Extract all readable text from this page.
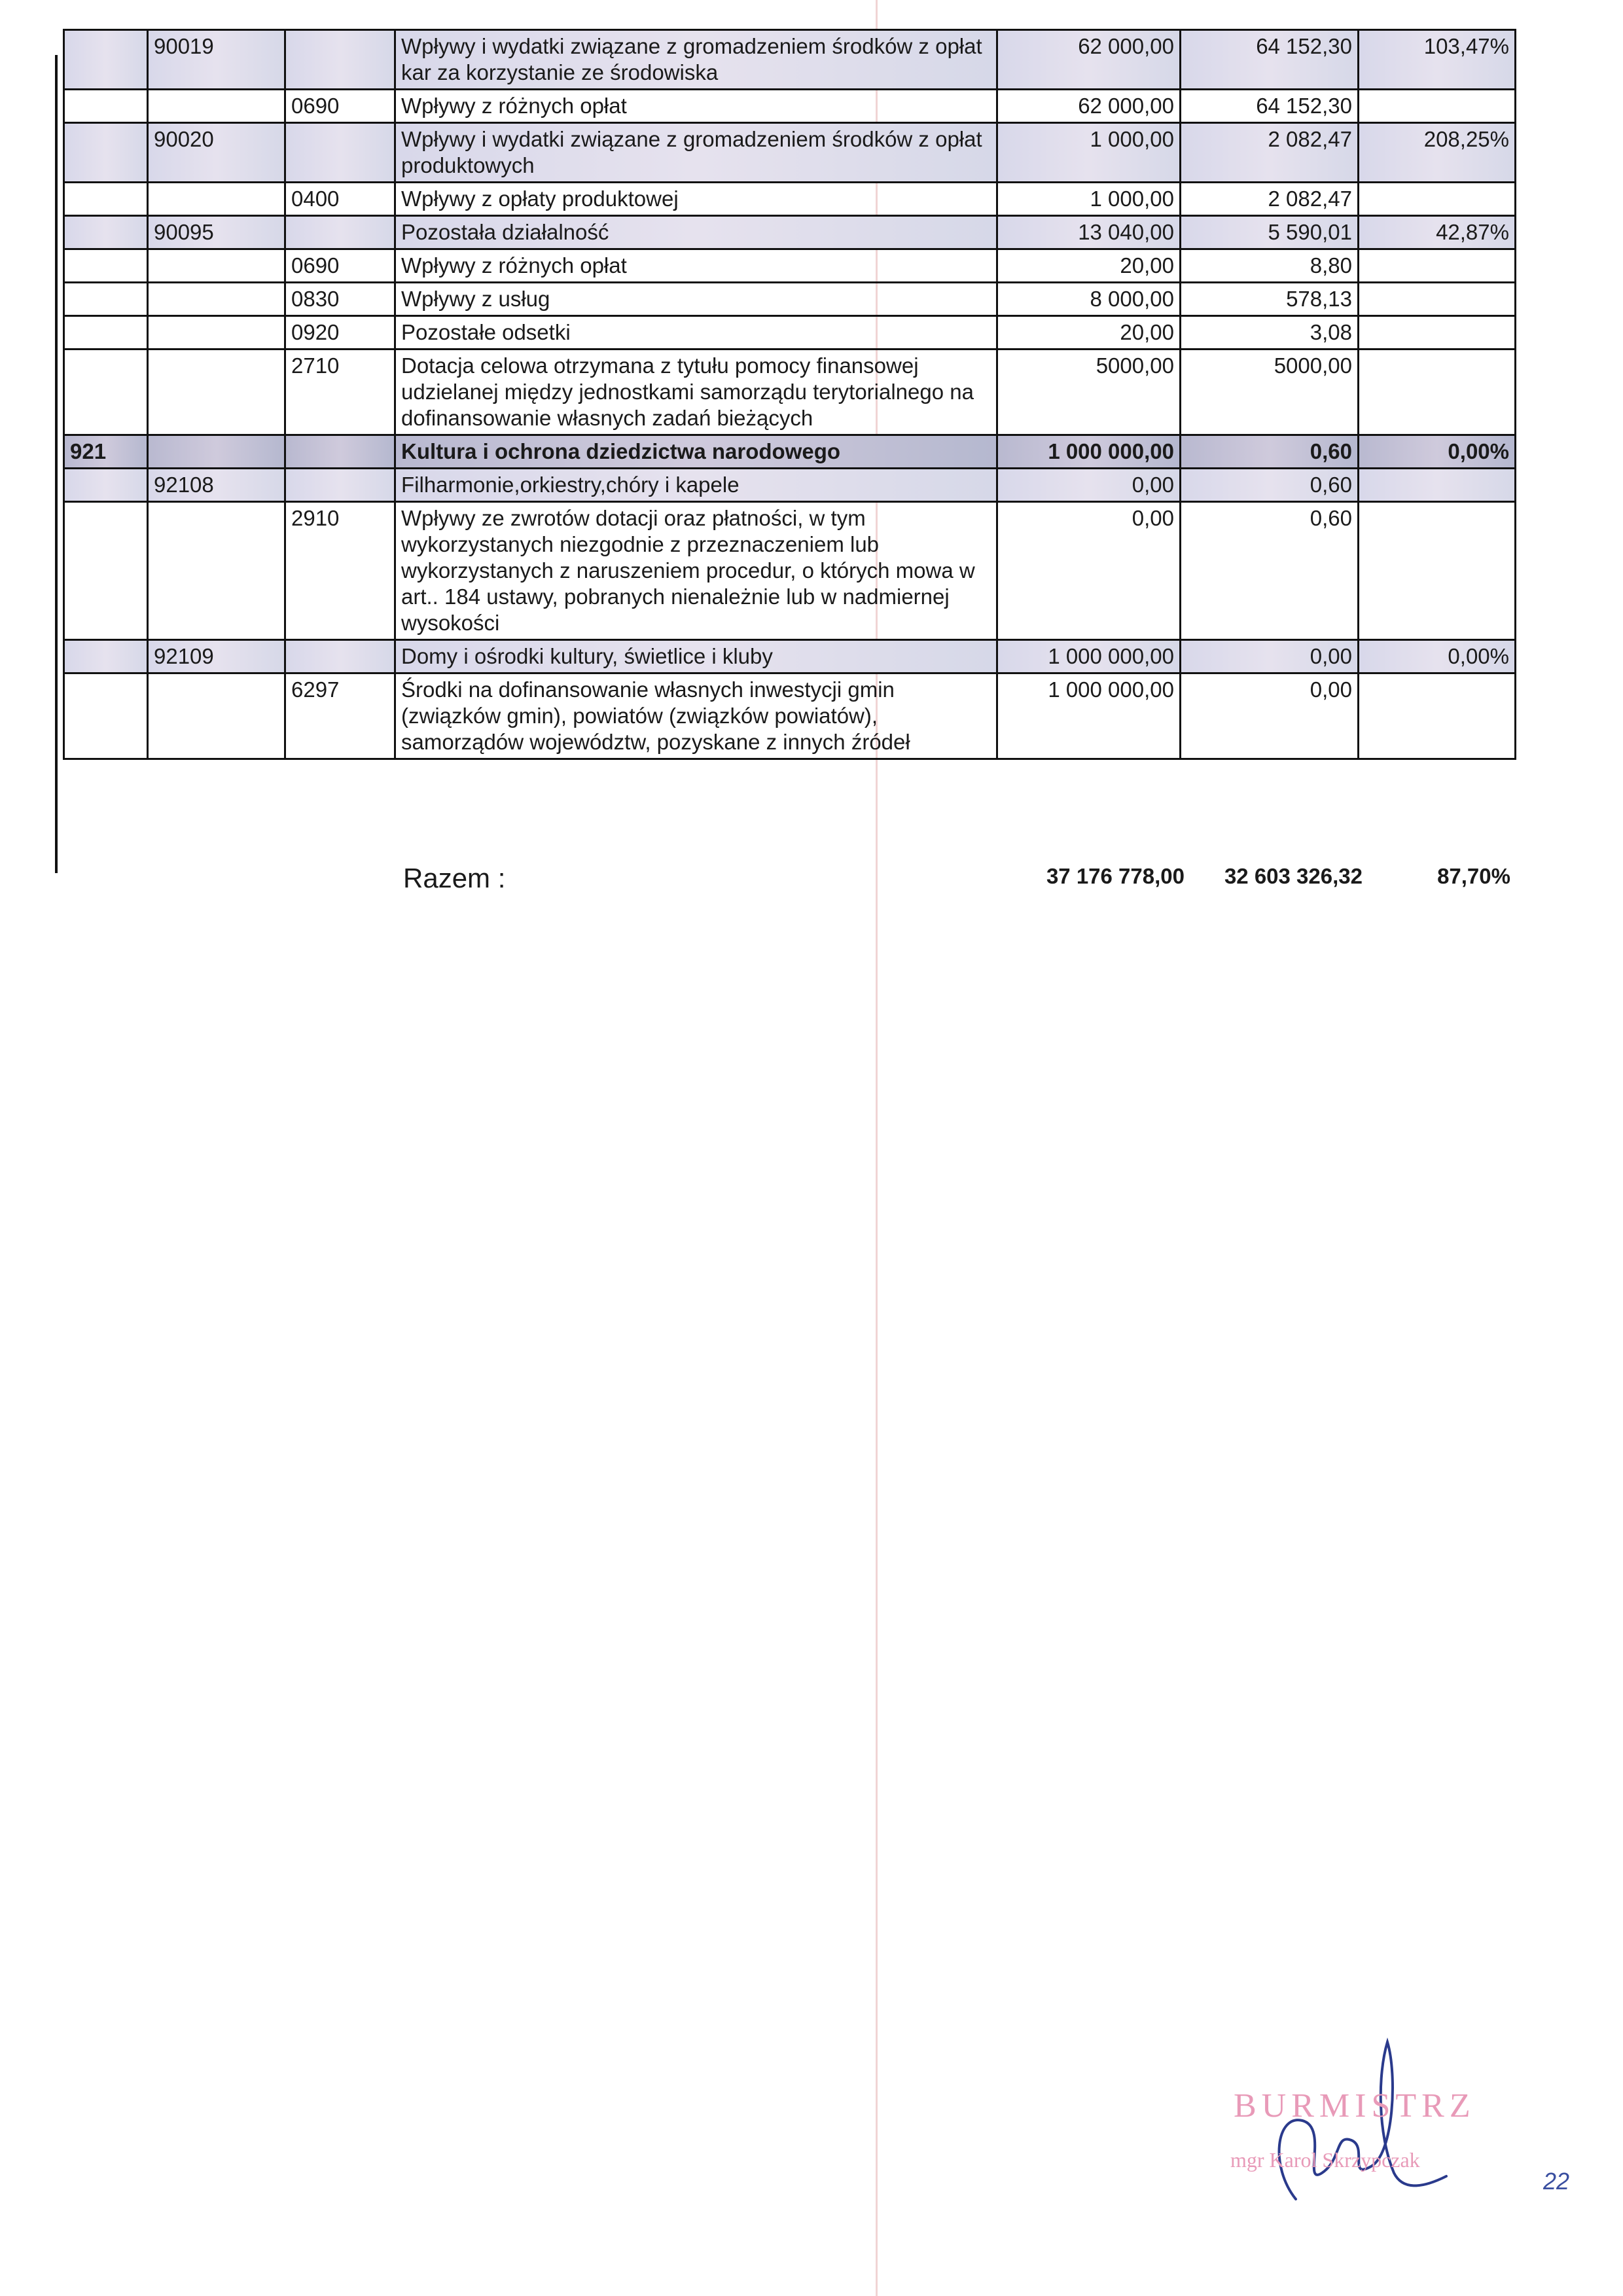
	90019		Wpływy i wydatki związane z gromadzeniem środków z opłat kar za korzystanie ze środowiska	62 000,00	64 152,30	103,47%
		0690	Wpływy z różnych opłat	62 000,00	64 152,30	
	90020		Wpływy i wydatki związane z gromadzeniem środków z opłat produktowych	1 000,00	2 082,47	208,25%
		0400	Wpływy z opłaty produktowej	1 000,00	2 082,47	
	90095		Pozostała działalność	13 040,00	5 590,01	42,87%
		0690	Wpływy z różnych opłat	20,00	8,80	
		0830	Wpływy z usług	8 000,00	578,13	
		0920	Pozostałe odsetki	20,00	3,08	
		2710	Dotacja celowa otrzymana z tytułu pomocy finansowej udzielanej między jednostkami samorządu terytorialnego na dofinansowanie własnych zadań bieżących	5000,00	5000,00	
921			Kultura i ochrona dziedzictwa narodowego	1 000 000,00	0,60	0,00%
	92108		Filharmonie,orkiestry,chóry i kapele	0,00	0,60	
		2910	Wpływy ze zwrotów dotacji oraz płatności, w tym wykorzystanych niezgodnie z przeznaczeniem lub wykorzystanych z naruszeniem procedur, o których mowa w art.. 184 ustawy, pobranych nienależnie lub w nadmiernej wysokości	0,00	0,60	
	92109		Domy i ośrodki kultury, świetlice i kluby	1 000 000,00	0,00	0,00%
		6297	Środki na dofinansowanie własnych inwestycji gmin (związków gmin), powiatów (związków powiatów), samorządów województw, pozyskane z innych źródeł	1 000 000,00	0,00	
Razem :	37 176 778,00	32 603 326,32	87,70%
BURMISTRZ
mgr Karol Skrzypczak
22
